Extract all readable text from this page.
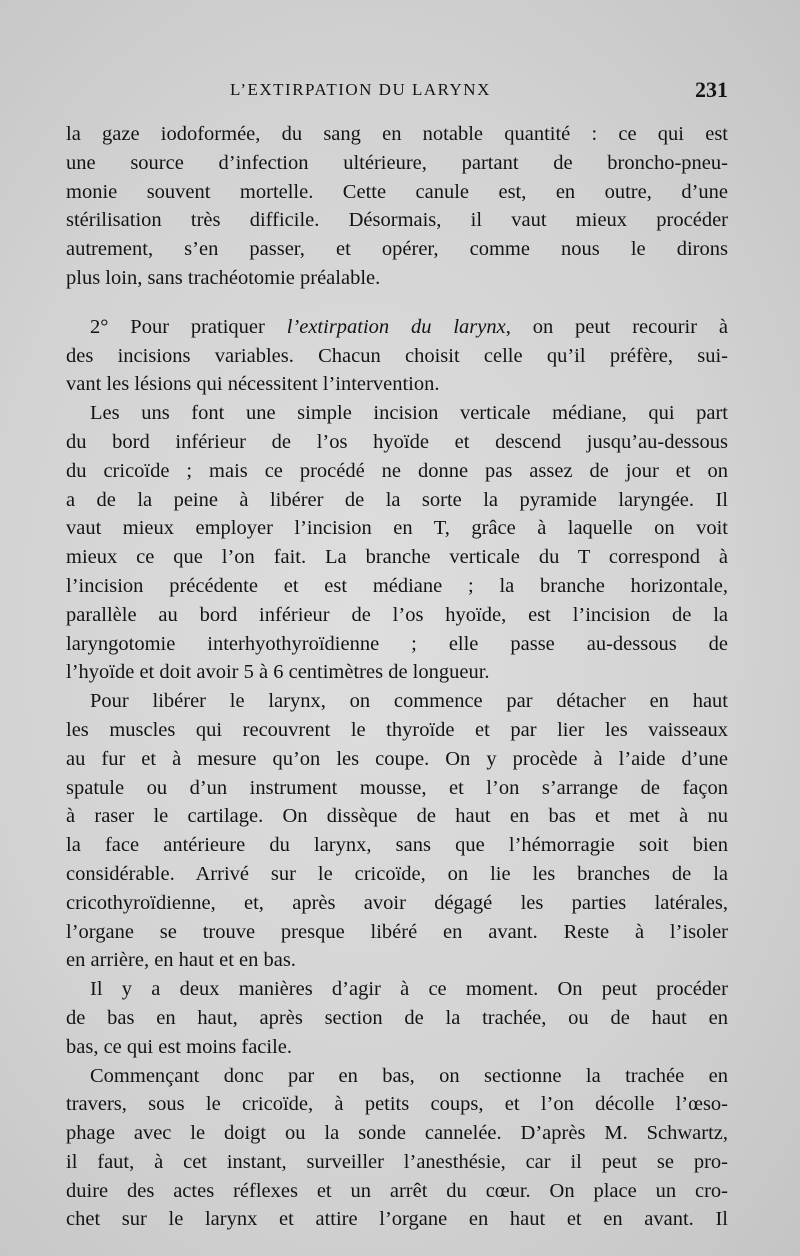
L’EXTIRPATION DU LARYNX	231

la gaze iodoformée, du sang en notable quantité : ce qui est

une source d’infection ultérieure, partant de broncho-pneu-

monie souvent mortelle. Cette canule est, en outre, d’une

stérilisation très difficile. Désormais, il vaut mieux procéder

autrement, s’en passer, et opérer, comme nous le dirons

plus loin, sans trachéotomie préalable.

2° Pour pratiquer l’extirpation du larynx, on peut recourir à

des incisions variables. Chacun choisit celle qu’il préfère, sui-

vant les lésions qui nécessitent l’intervention.

Les uns font une simple incision verticale médiane, qui part

du bord inférieur de l’os hyoïde et descend jusqu’au-dessous

du cricoïde ; mais ce procédé ne donne pas assez de jour et on

a de la peine à libérer de la sorte la pyramide laryngée. Il

vaut mieux employer l’incision en T, grâce à laquelle on voit

mieux ce que l’on fait. La branche verticale du T correspond à

l’incision précédente et est médiane ; la branche horizontale,

parallèle au bord inférieur de l’os hyoïde, est l’incision de la

laryngotomie interhyothyroïdienne ; elle passe au-dessous de

l’hyoïde et doit avoir 5 à 6 centimètres de longueur.

Pour libérer le larynx, on commence par détacher en haut

les muscles qui recouvrent le thyroïde et par lier les vaisseaux

au fur et à mesure qu’on les coupe. On y procède à l’aide d’une

spatule ou d’un instrument mousse, et l’on s’arrange de façon

à raser le cartilage. On dissèque de haut en bas et met à nu

la face antérieure du larynx, sans que l’hémorragie soit bien

considérable. Arrivé sur le cricoïde, on lie les branches de la

cricothyroïdienne, et, après avoir dégagé les parties latérales,

l’organe se trouve presque libéré en avant. Reste à l’isoler

en arrière, en haut et en bas.

Il y a deux manières d’agir à ce moment. On peut procéder

de bas en haut, après section de la trachée, ou de haut en

bas, ce qui est moins facile.

Commençant donc par en bas, on sectionne la trachée en

travers, sous le cricoïde, à petits coups, et l’on décolle l’œso-

phage avec le doigt ou la sonde cannelée. D’après M. Schwartz,

il faut, à cet instant, surveiller l’anesthésie, car il peut se pro-

duire des actes réflexes et un arrêt du cœur. On place un cro-

chet sur le larynx et attire l’organe en haut et en avant. Il
